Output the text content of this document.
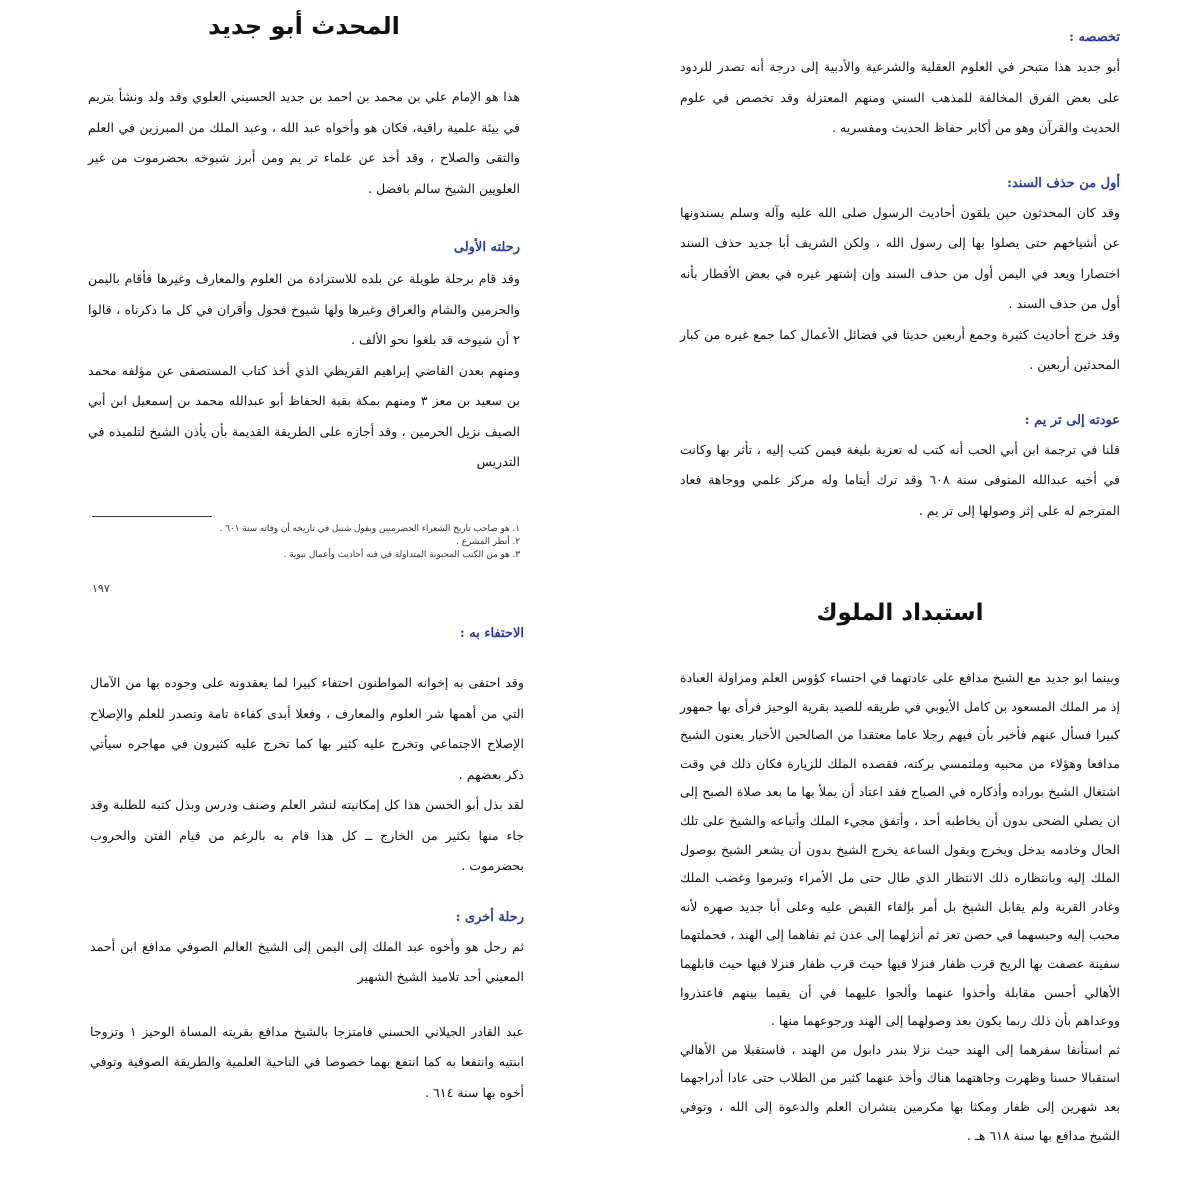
المحدث أبو جديد

هذا هو الإمام علي بن محمد بن احمد بن جديد الحسيني العلوي وقد ولد ونشأ بتريم في بيئة علمية راقية، فكان هو وأخواه عبد الله ، وعبد الملك من المبرزين في العلم والتقى والصلاح ، وقد أخذ عن علماء تر يم ومن أبرز شيوخه بحضرموت من غير العلويين الشيخ سالم بافضل .

رحلته الأولى

وقد قام برحلة طويلة عن بلده للاستزادة من العلوم والمعارف وغيرها فأقام باليمن والحرمين والشام والعراق وغيرها ولها شيوخ فحول وأقران في كل ما ذكرناه ، قالوا ٢ أن شيوخه قد بلغوا نحو الألف .

ومنهم بعدن القاضي إبراهيم القريظي الذي أخذ كتاب المستصفى عن مؤلفه محمد بن سعيد بن معز ٣ ومنهم بمكة بقية الحفاظ أبو عبدالله محمد بن إسمعيل ابن أبي الصيف نزيل الحرمين ، وقد أجازه على الطريقة القديمة بأن يأذن الشيخ لتلميذه في التدريس

١. هو صاحب تاريخ الشعراء الحضرميين ويقول شنبل في تاريخه أن وفاته سنة ٦٠١ .
٢. أنظر المشرع .
٣. هو من الكتب المحبوبة المتداولة في فنه أحاديث وأعمال نبوية .
١٩٧

تخصصه :

أبو جديد هذا متبحر في العلوم العقلية والشرعية والأدبية إلى درجة أنه تصدر للردود على بعض الفرق المخالفة للمذهب السني ومنهم المعتزلة وقد تخصص في علوم الحديث والقرآن وهو من أكابر حفاظ الحديث ومفسريه .

أول من حذف السند:

وقد كان المحدثون حين يلقون أحاديث الرسول صلى الله عليه وآله وسلم يسندونها عن أشياخهم حتى يصلوا بها إلى رسول الله ، ولكن الشريف أبا جديد حذف السند اختصارا ويعد في اليمن أول من حذف السند وإن إشتهر غيره في بعض الأقطار بأنه أول من حذف السند .

وقد خرج أحاديث كثيرة وجمع أربعين حديثا في فضائل الأعمال كما جمع غيره من كبار المحدثين أربعين .

عودته إلى تر يم :

قلنا في ترجمة ابن أبي الحب أنه كتب له تعزية بليغة فيمن كتب إليه ، تأثر بها وكانت في أخيه عبدالله المتوفى سنة ٦٠٨ وقد ترك أيتاما وله مركز علمي ووجاهة فعاد المترجم له على إثر وصولها إلى تر يم .

الاحتفاء به :

وقد احتفى به إخوانه المواطنون احتفاء كبيرا لما يعقدونه على وجوده بها من الآمال التي من أهمها شر العلوم والمعارف ، وفعلا أبدى كفاءة تامة وتصدر للعلم والإصلاح الإصلاح الاجتماعي وتخرج عليه كثير بها كما تخرج عليه كثيرون في مهاجره سيأتي ذكر بعضهم .

لقد بذل أبو الحسن هذا كل إمكانيته لنشر العلم وصنف ودرس وبذل كتبه للطلبة وقد جاء منها بكثير من الخارج ــ كل هذا قام به بالرغم من قيام الفتن والحروب بحضرموت .

رحلة أخرى :

ثم رحل هو وأخوه عبد الملك إلى اليمن إلى الشيخ العالم الصوفي مدافع ابن أحمد المعيني أحد تلاميذ الشيخ الشهير

عبد القادر الجيلاني الحسني فامتزجا بالشيخ مدافع بقريته المساة الوحيز ١ وتزوجا ابنتيه وانتفعا به كما انتفع بهما خصوصا في الناحية العلمية والطريقة الصوفية وتوفي أخوه بها سنة ٦١٤ .

استبداد الملوك

وبينما ابو جديد مع الشيخ مدافع على عادتهما في احتساء كؤوس العلم ومزاولة العبادة إذ مر الملك المسعود بن كامل الأيوبي في طريقه للصيد بقرية الوحيز فرأى بها جمهور كبيرا فسأل عنهم فأخبر بأن فيهم رجلا عاما معتقدا من الصالحين الأخيار يعنون الشيخ مدافعا وهؤلاء من محبيه وملتمسي بركته، فقصده الملك للزيارة فكان ذلك في وقت اشتغال الشيخ بوراده وأذكاره في الصباح فقد اعتاد أن يملأ بها ما بعد صلاة الصبح إلى ان يصلي الضحى بدون أن يخاطبه أحد ، وأتفق مجيء الملك وأتباعه والشيخ على تلك الحال وخادمه يدخل ويخرج ويقول الساعة يخرج الشيخ بدون أن يشعر الشيخ بوصول الملك إليه وبانتظاره ذلك الانتظار الذي طال حتى مل الأمراء وتبرموا وغضب الملك وغادر القرية ولم يقابل الشيخ بل أمر بإلقاء القبض عليه وعلى أبا جديد صهره لأنه محبب إليه وحبسهما في حصن تعز ثم أنزلهما إلى عدن ثم نفاهما إلى الهند ، فحملتهما سفينة عصفت بها الريح قرب ظفار فنزلا فيها حيث قرب ظفار فنزلا فيها حيث قابلهما الأهالي أحسن مقابلة وأخذوا عنهما وألحوا عليهما في أن يقيما بينهم فاعتذروا ووعداهم بأن ذلك ربما يكون بعد وصولهما إلى الهند ورجوعهما منها .

ثم استأنفا سفرهما إلى الهند حيث نزلا بندر دابول من الهند ، فاستقبلا من الأهالي استقبالا حسنا وظهرت وجاهتهما هناك وأخذ عنهما كثير من الطلاب حتى عادا أدراجهما بعد شهرين إلى ظفار ومكثا بها مكرمين ينشران العلم والدعوة إلى الله ، وتوفي الشيخ مدافع بها سنة ٦١٨ هـ .
